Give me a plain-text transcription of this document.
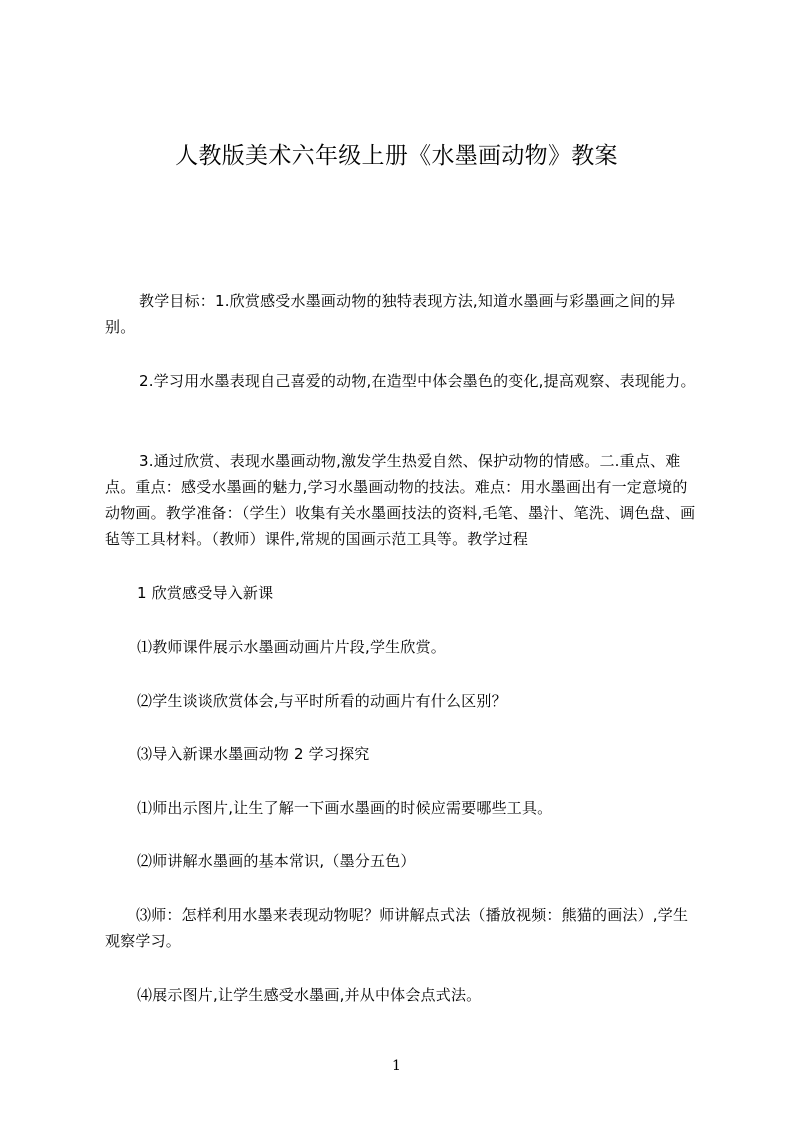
人教版美术六年级上册《水墨画动物》教案

教学目标：1.欣赏感受水墨画动物的独特表现方法,知道水墨画与彩墨画之间的异别。

2.学习用水墨表现自己喜爱的动物,在造型中体会墨色的变化,提高观察、表现能力。

3.通过欣赏、表现水墨画动物,激发学生热爱自然、保护动物的情感。二.重点、难点。重点：感受水墨画的魅力,学习水墨画动物的技法。难点：用水墨画出有一定意境的动物画。教学准备：（学生）收集有关水墨画技法的资料,毛笔、墨汁、笔洗、调色盘、画毡等工具材料。（教师）课件,常规的国画示范工具等。教学过程

1 欣赏感受导入新课

⑴教师课件展示水墨画动画片片段,学生欣赏。

⑵学生谈谈欣赏体会,与平时所看的动画片有什么区别？

⑶导入新课水墨画动物 2 学习探究

⑴师出示图片,让生了解一下画水墨画的时候应需要哪些工具。

⑵师讲解水墨画的基本常识,（墨分五色）

⑶师：怎样利用水墨来表现动物呢？师讲解点式法（播放视频：熊猫的画法）,学生观察学习。

⑷展示图片,让学生感受水墨画,并从中体会点式法。

1
